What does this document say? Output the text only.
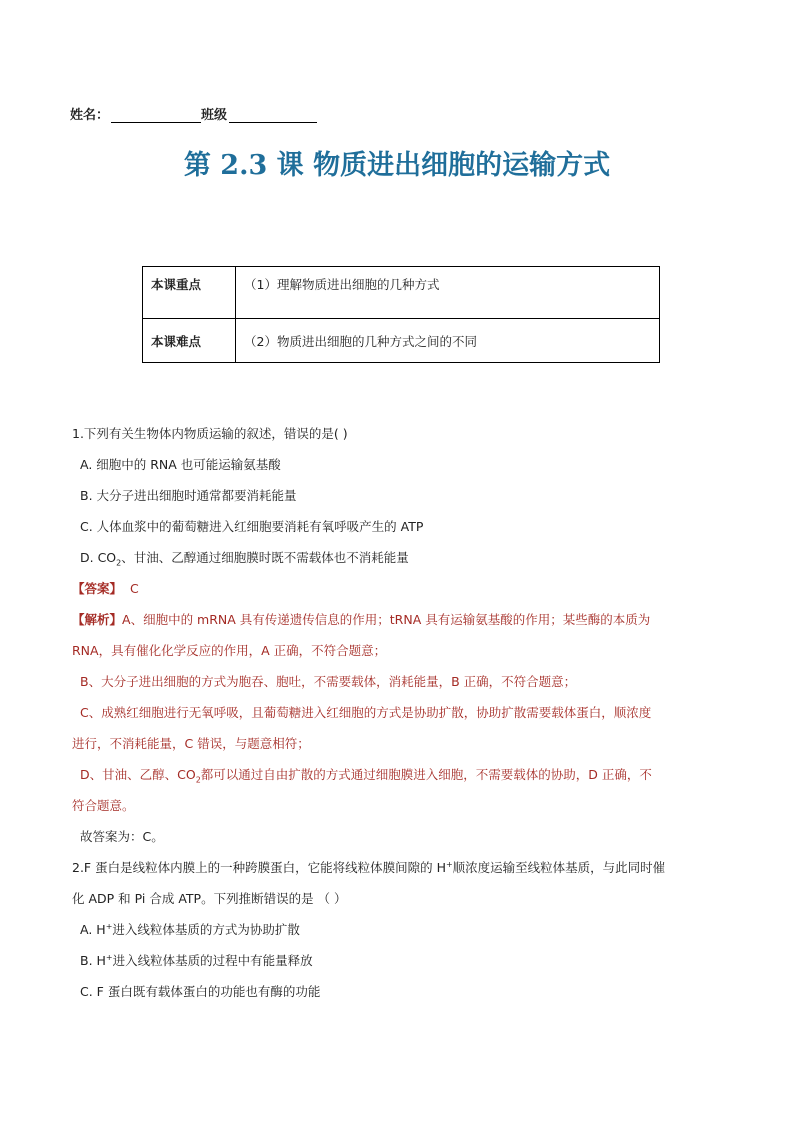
姓名：	班级
第 2.3 课 物质进出细胞的运输方式
本课重点	（1）理解物质进出细胞的几种方式
本课难点	（2）物质进出细胞的几种方式之间的不同
1.下列有关生物体内物质运输的叙述，错误的是( )
A. 细胞中的 RNA 也可能运输氨基酸
B. 大分子进出细胞时通常都要消耗能量
C. 人体血浆中的葡萄糖进入红细胞要消耗有氧呼吸产生的 ATP
D. $CO_2$、甘油、乙醇通过细胞膜时既不需载体也不消耗能量
【答案】 C
【解析】A、细胞中的 mRNA 具有传递遗传信息的作用；tRNA 具有运输氨基酸的作用；某些酶的本质为
RNA，具有催化化学反应的作用，A 正确，不符合题意；
B、大分子进出细胞的方式为胞吞、胞吐，不需要载体，消耗能量，B 正确，不符合题意；
C、成熟红细胞进行无氧呼吸，且葡萄糖进入红细胞的方式是协助扩散，协助扩散需要载体蛋白，顺浓度
进行，不消耗能量，C 错误，与题意相符；
D、甘油、乙醇、$CO_2$都可以通过自由扩散的方式通过细胞膜进入细胞，不需要载体的协助，D 正确，不
符合题意。
故答案为：C。
2.F 蛋白是线粒体内膜上的一种跨膜蛋白，它能将线粒体膜间隙的 H+顺浓度运输至线粒体基质，与此同时催
化 ADP 和 Pi 合成 ATP。下列推断错误的是 （ ）
A. H+进入线粒体基质的方式为协助扩散
B. H+进入线粒体基质的过程中有能量释放
C. F 蛋白既有载体蛋白的功能也有酶的功能
